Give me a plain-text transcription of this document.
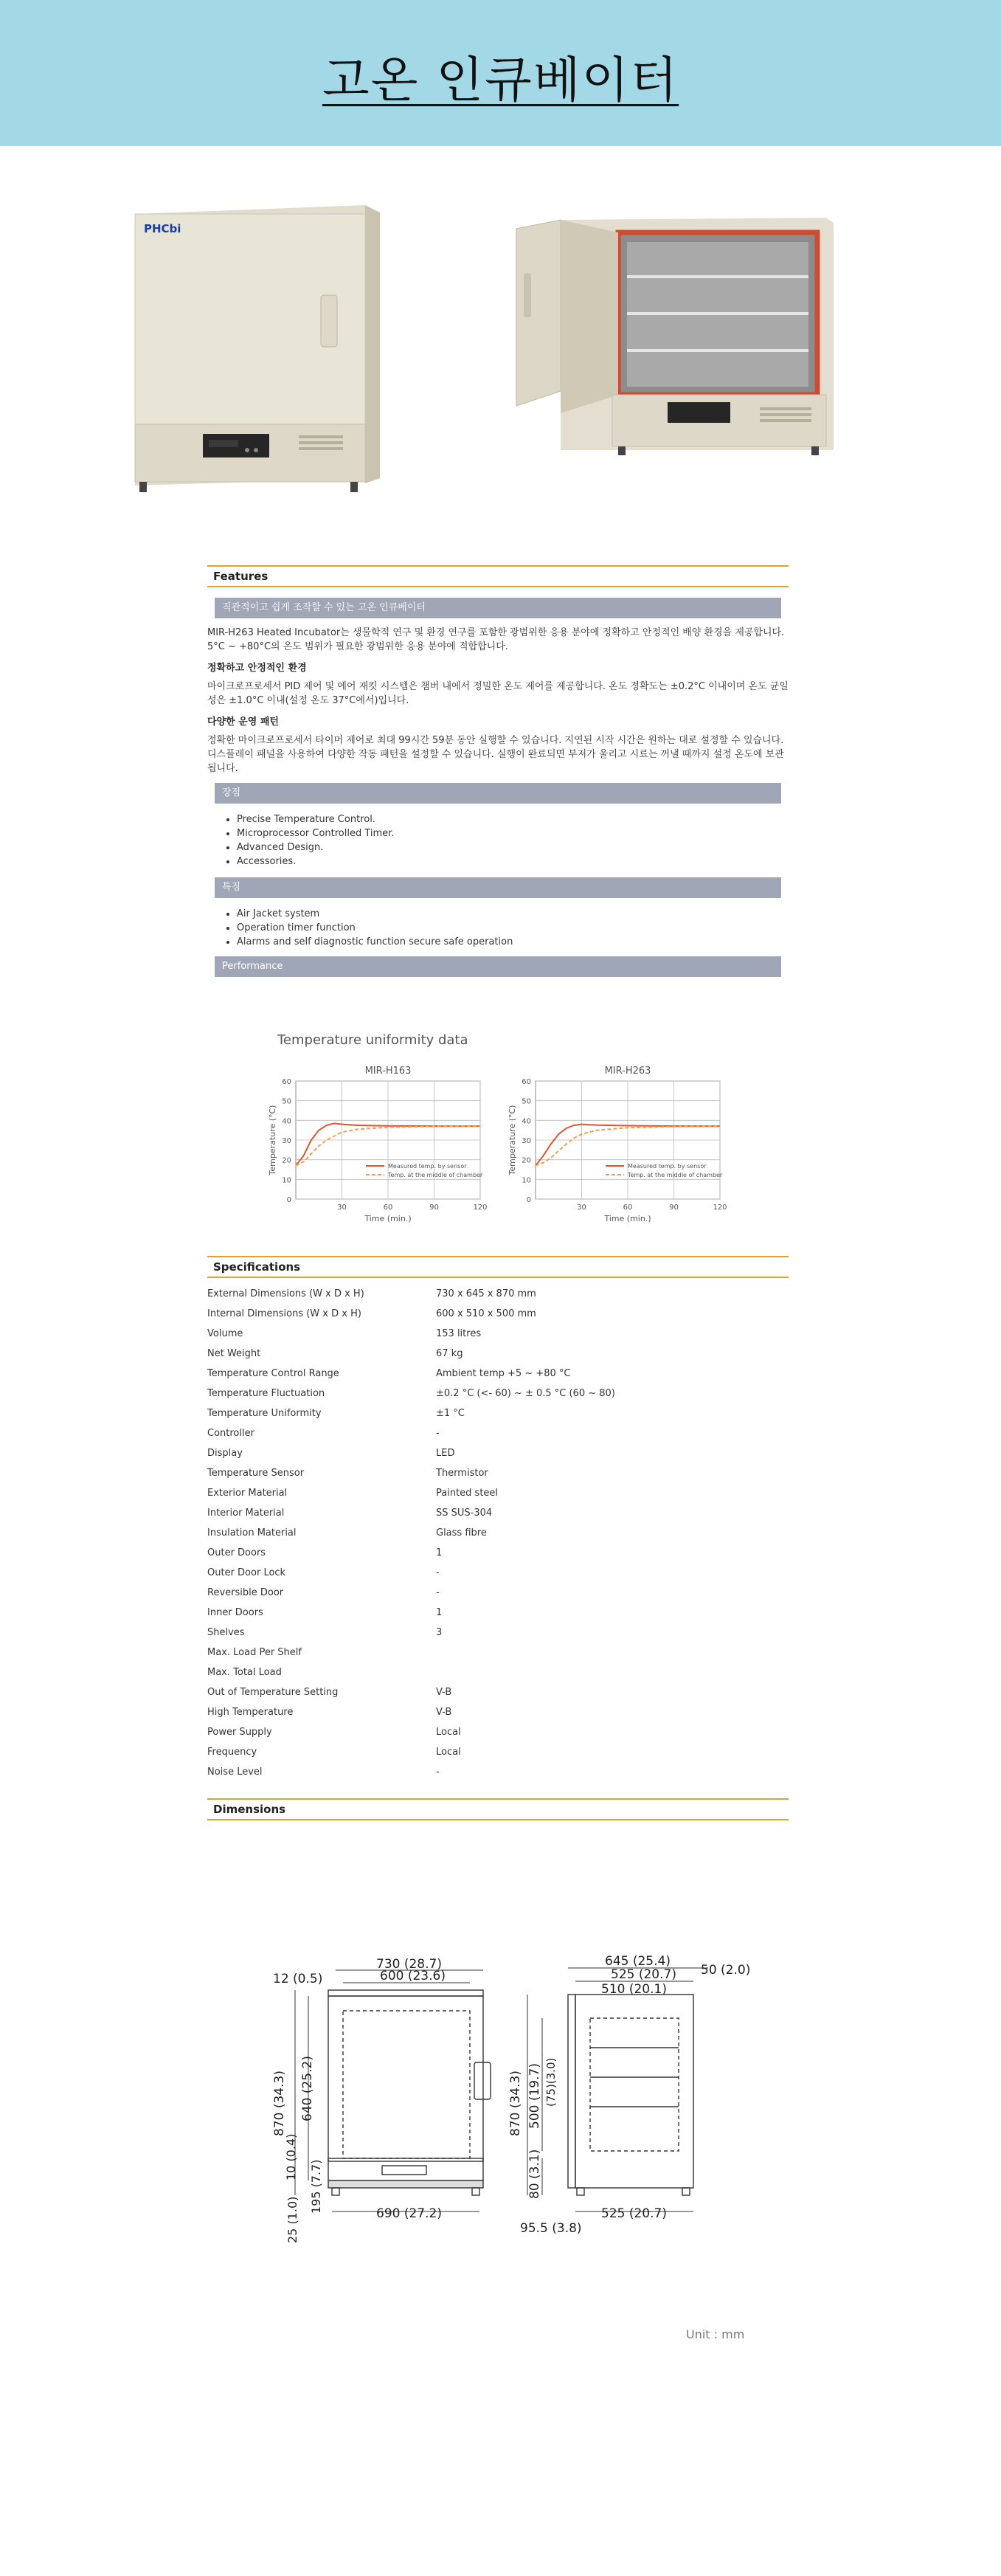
고온 인큐베이터
PHCbi
Features
직관적이고 쉽게 조작할 수 있는 고온 인큐베이터

MIR-H263 Heated Incubator는 생물학적 연구 및 환경 연구를 포함한 광범위한 응용 분야에 정확하고 안정적인 배양 환경을 제공합니다. 5°C ~ +80°C의 온도 범위가 필요한 광범위한 응용 분야에 적합합니다.

정확하고 안정적인 환경

마이크로프로세서 PID 제어 및 에어 재킷 시스템은 챔버 내에서 정밀한 온도 제어를 제공합니다. 온도 정확도는 ±0.2°C 이내이며 온도 균일성은 ±1.0°C 이내(설정 온도 37°C에서)입니다.

다양한 운영 패턴

정확한 마이크로프로세서 타이머 제어로 최대 99시간 59분 동안 실행할 수 있습니다. 지연된 시작 시간은 원하는 대로 설정할 수 있습니다. 디스플레이 패널을 사용하여 다양한 작동 패턴을 설정할 수 있습니다. 실행이 완료되면 부저가 울리고 시료는 꺼낼 때까지 설정 온도에 보관됩니다.

장점
• Precise Temperature Control.
• Microprocessor Controlled Timer.
• Advanced Design.
• Accessories.
특징
• Air Jacket system
• Operation timer function
• Alarms and self diagnostic function secure safe operation
Performance
Temperature uniformity data
0
10
20
30
40
50
60
30	60	90	120
MIR-H163
Time (min.)
Temperature (°C)	Measured temp. by sensor
Temp. at the middle of chamber
0
10
20
30
40
50
60
30	60	90	120
MIR-H263
Time (min.)
Temperature (°C)	Measured temp. by sensor
Temp. at the middle of chamber
Specifications
External Dimensions (W x D x H)	730 x 645 x 870 mm
Internal Dimensions (W x D x H)	600 x 510 x 500 mm
Volume	153 litres
Net Weight	67 kg
Temperature Control Range	Ambient temp +5 ~ +80 °C
Temperature Fluctuation	±0.2 °C (<- 60) ~ ± 0.5 °C (60 ~ 80)
Temperature Uniformity	±1 °C
Controller	-
Display	LED
Temperature Sensor	Thermistor
Exterior Material	Painted steel
Interior Material	SS SUS-304
Insulation Material	Glass fibre
Outer Doors	1
Outer Door Lock	-
Reversible Door	-
Inner Doors	1
Shelves	3
Max. Load Per Shelf
Max. Total Load
Out of Temperature Setting	V-B
High Temperature	V-B
Power Supply	Local
Frequency	Local
Noise Level	-
Dimensions
730 (28.7)
600 (23.6)
12 (0.5)
870 (34.3) 640 (25.2)
10 (0.4)
195 (7.7)
25 (1.0)	690 (27.2)
645 (25.4)
525 (20.7)
510 (20.1)
50 (2.0)
870 (34.3) 500 (19.7) (75)(3.0)
80 (3.1)
95.5 (3.8)
525 (20.7)
Unit : mm
